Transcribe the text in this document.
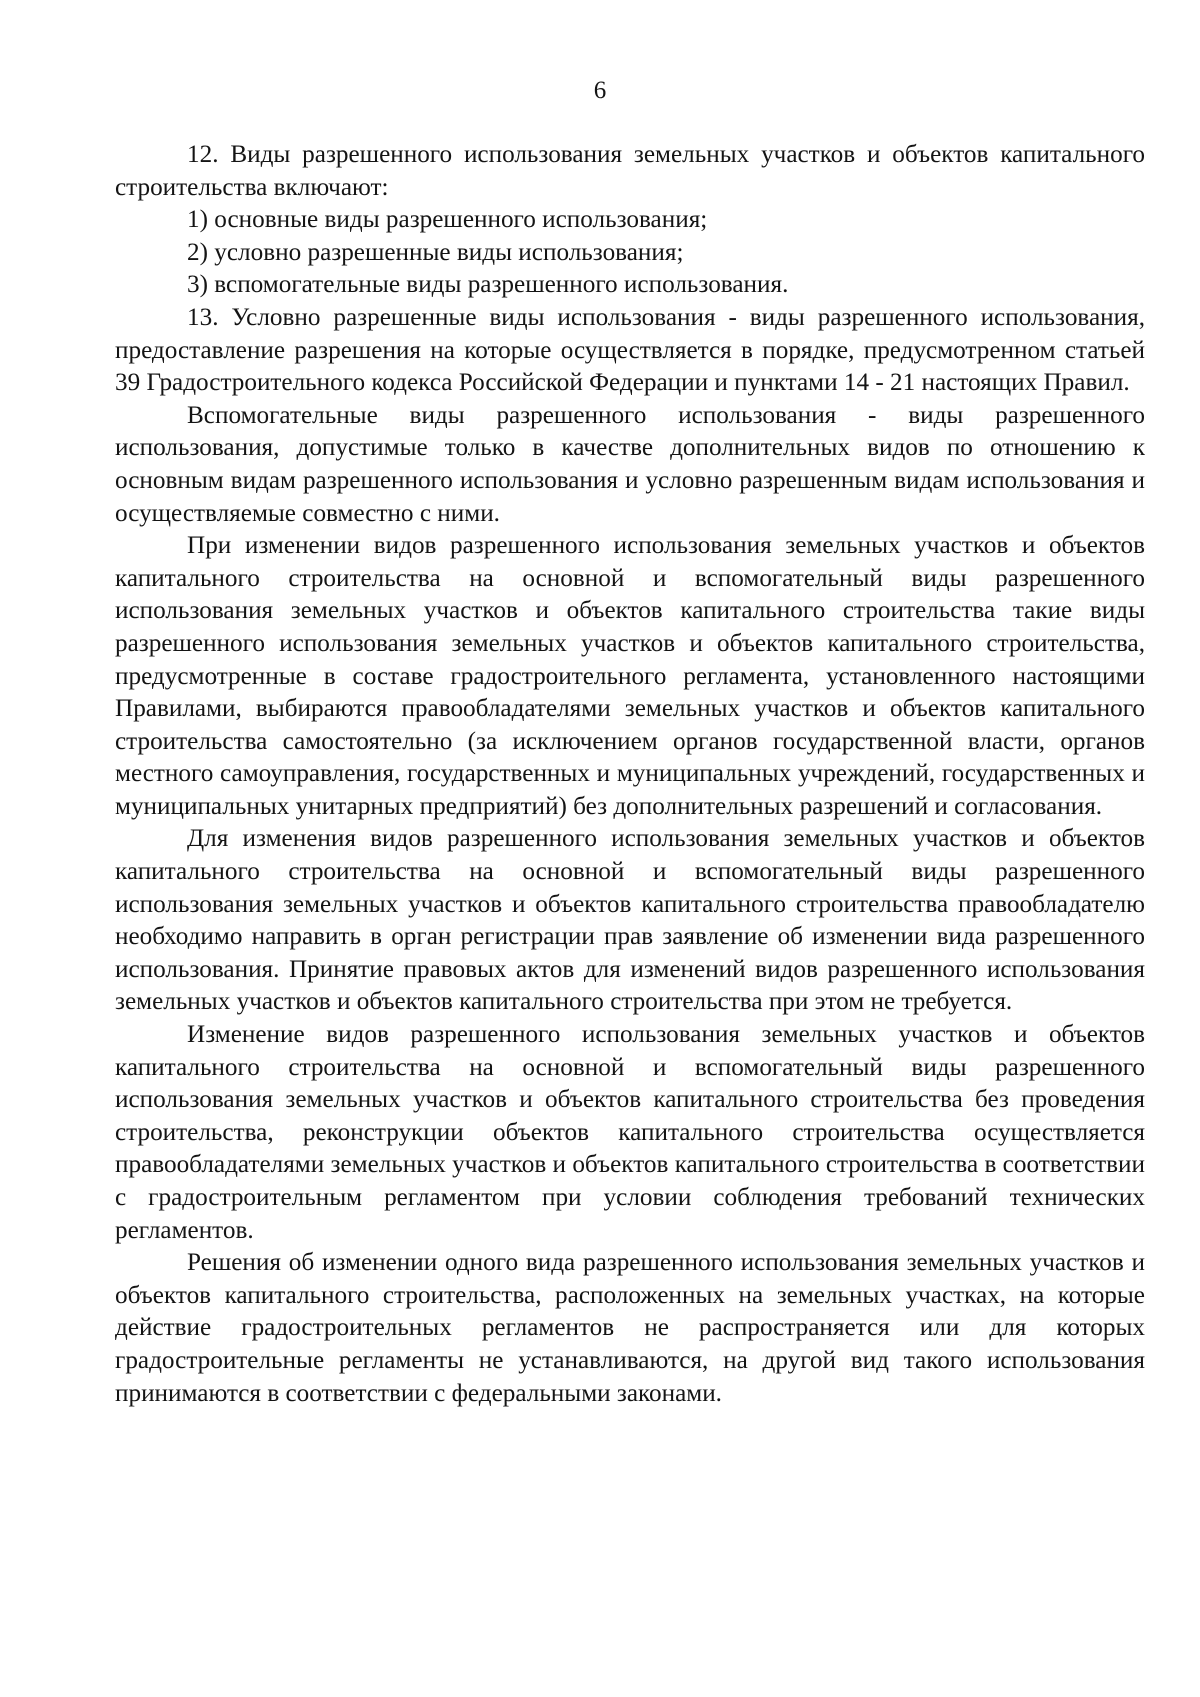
6

12. Виды разрешенного использования земельных участков и объектов капитального строительства включают:

1) основные виды разрешенного использования;

2) условно разрешенные виды использования;

3) вспомогательные виды разрешенного использования.

13. Условно разрешенные виды использования - виды разрешенного использования, предоставление разрешения на которые осуществляется в порядке, предусмотренном статьей 39 Градостроительного кодекса Российской Федерации и пунктами 14 - 21 настоящих Правил.

Вспомогательные виды разрешенного использования - виды разрешенного использования, допустимые только в качестве дополнительных видов по отношению к основным видам разрешенного использования и условно разрешенным видам использования и осуществляемые совместно с ними.

При изменении видов разрешенного использования земельных участков и объектов капитального строительства на основной и вспомогательный виды разрешенного использования земельных участков и объектов капитального строительства такие виды разрешенного использования земельных участков и объектов капитального строительства, предусмотренные в составе градостроительного регламента, установленного настоящими Правилами, выбираются правообладателями земельных участков и объектов капитального строительства самостоятельно (за исключением органов государственной власти, органов местного самоуправления, государственных и муниципальных учреждений, государственных и муниципальных унитарных предприятий) без дополнительных разрешений и согласования.

Для изменения видов разрешенного использования земельных участков и объектов капитального строительства на основной и вспомогательный виды разрешенного использования земельных участков и объектов капитального строительства правообладателю необходимо направить в орган регистрации прав заявление об изменении вида разрешенного использования. Принятие правовых актов для изменений видов разрешенного использования земельных участков и объектов капитального строительства при этом не требуется.

Изменение видов разрешенного использования земельных участков и объектов капитального строительства на основной и вспомогательный виды разрешенного использования земельных участков и объектов капитального строительства без проведения строительства, реконструкции объектов капитального строительства осуществляется правообладателями земельных участков и объектов капитального строительства в соответствии с градостроительным регламентом при условии соблюдения требований технических регламентов.

Решения об изменении одного вида разрешенного использования земельных участков и объектов капитального строительства, расположенных на земельных участках, на которые действие градостроительных регламентов не распространяется или для которых градостроительные регламенты не устанавливаются, на другой вид такого использования принимаются в соответствии с федеральными законами.
